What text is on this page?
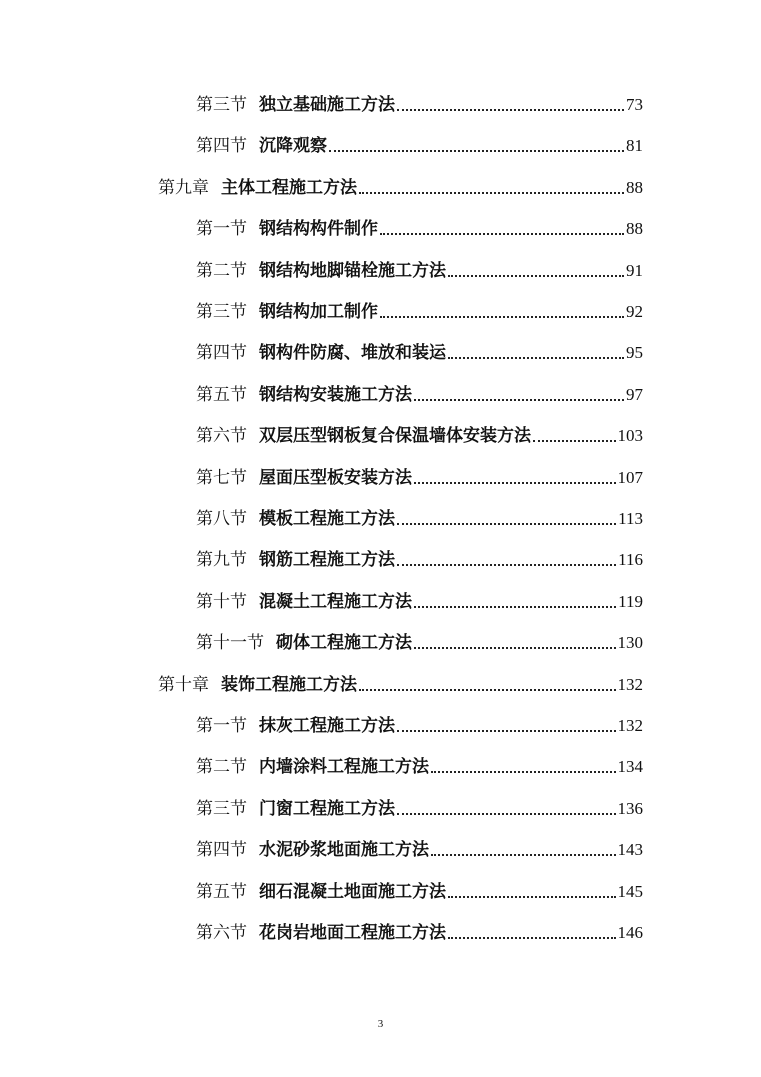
第三节 独立基础施工方法	73
第四节 沉降观察	81
第九章 主体工程施工方法	88
第一节 钢结构构件制作	88
第二节 钢结构地脚锚栓施工方法	91
第三节 钢结构加工制作	92
第四节 钢构件防腐、堆放和装运	95
第五节 钢结构安装施工方法	97
第六节 双层压型钢板复合保温墙体安装方法	103
第七节 屋面压型板安装方法	107
第八节 模板工程施工方法	113
第九节 钢筋工程施工方法	116
第十节 混凝土工程施工方法	119
第十一节 砌体工程施工方法	130
第十章 装饰工程施工方法	132
第一节 抹灰工程施工方法	132
第二节 内墙涂料工程施工方法	134
第三节 门窗工程施工方法	136
第四节 水泥砂浆地面施工方法	143
第五节 细石混凝土地面施工方法	145
第六节 花岗岩地面工程施工方法	146
3
